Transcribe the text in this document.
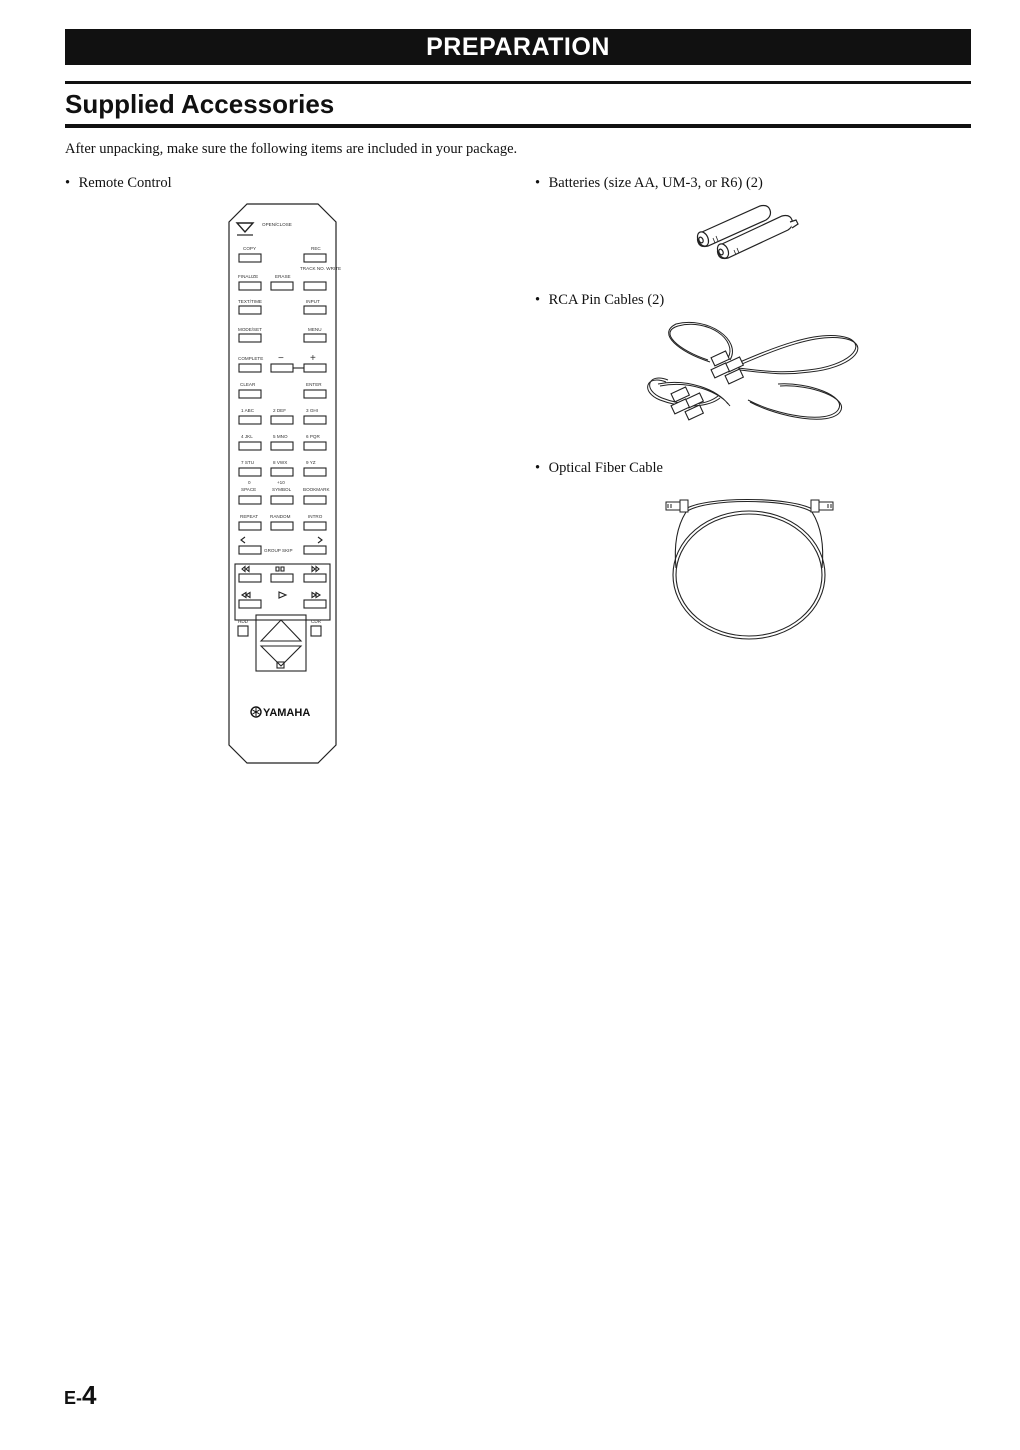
PREPARATION
Supplied Accessories
After unpacking, make sure the following items are included in your package.
• Remote Control	• Batteries (size AA, UM-3, or R6) (2)
• RCA Pin Cables (2)
• Optical Fiber Cable
OPEN/CLOSE
COPY	REC
FINALIZE	ERASE
TRACK NO. WRITE
TEXT/TIME	INPUT
MODE/SET	MENU
COMPLETE −	+
CLEAR	ENTER
1 ABC	2 DEF	3 GHI
4 JKL	5 MNO	6 PQR
7 STU	8 VWX	9 YZ
0
SPACE
+10
SYMBOL	BOOKMARK
REPEAT	RANDOM	INTRO
GROUP SKIP
HDD	CDR
YAMAHA
E-4
